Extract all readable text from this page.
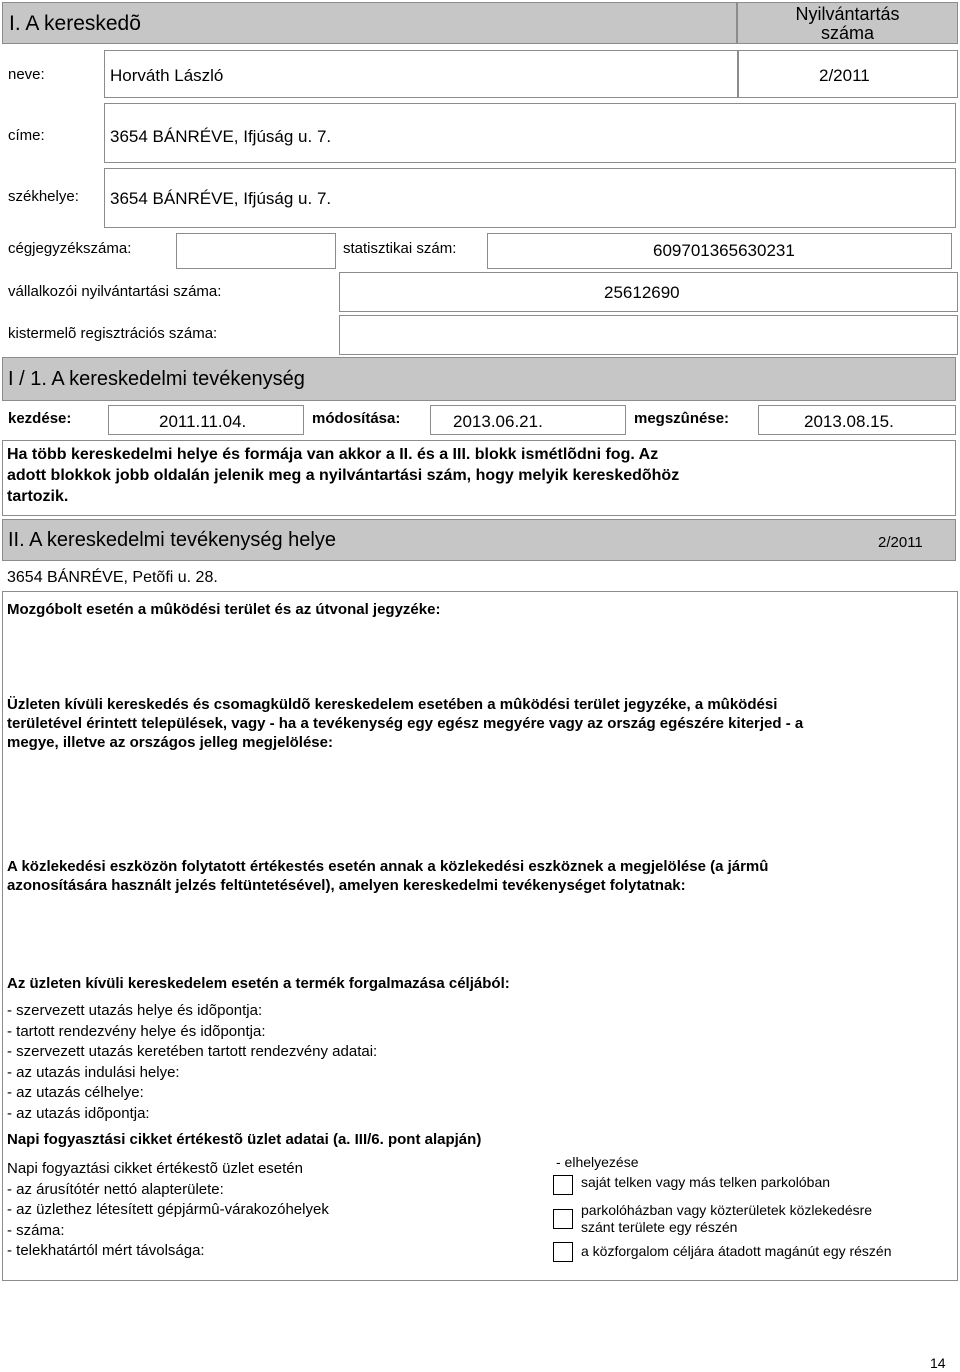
I. A kereskedõ	Nyilvántartás
száma
neve:	Horváth László	2/2011
címe:	3654 BÁNRÉVE, Ifjúság u. 7.
székhelye: 3654 BÁNRÉVE, Ifjúság u. 7.
cégjegyzékszáma:	statisztikai szám:	609701365630231
vállalkozói nyilvántartási száma:	25612690
kistermelõ regisztrációs száma:
I / 1. A kereskedelmi tevékenység
kezdése:	2011.11.04.	módosítása:	2013.06.21.	megszûnése:	2013.08.15.
Ha több kereskedelmi helye és formája van akkor a II. és a III. blokk ismétlõdni fog. Az
adott blokkok jobb oldalán jelenik meg a nyilvántartási szám, hogy melyik kereskedõhöz
tartozik.
II. A kereskedelmi tevékenység helye	2/2011
3654 BÁNRÉVE, Petõfi u. 28.
Mozgóbolt esetén a mûködési terület és az útvonal jegyzéke:
Üzleten kívüli kereskedés és csomagküldõ kereskedelem esetében a mûködési terület jegyzéke, a mûködési
területével érintett települések, vagy - ha a tevékenység egy egész megyére vagy az ország egészére kiterjed - a
megye, illetve az országos jelleg megjelölése:
A közlekedési eszközön folytatott értékestés esetén annak a közlekedési eszköznek a megjelölése (a jármû
azonosítására használt jelzés feltüntetésével), amelyen kereskedelmi tevékenységet folytatnak:
Az üzleten kívüli kereskedelem esetén a termék forgalmazása céljából:
- szervezett utazás helye és idõpontja:
- tartott rendezvény helye és idõpontja:
- szervezett utazás keretében tartott rendezvény adatai:
- az utazás indulási helye:
- az utazás célhelye:
- az utazás idõpontja:
Napi fogyasztási cikket értékestõ üzlet adatai (a. III/6. pont alapján)
Napi fogyaztási cikket értékestõ üzlet esetén
- az árusítótér nettó alapterülete:
- az üzlethez létesített gépjármû-várakozóhelyek
- száma:
- telekhatártól mért távolsága:
- elhelyezése
saját telken vagy más telken parkolóban
parkolóházban vagy közterületek közlekedésre
szánt területe egy részén
a közforgalom céljára átadott magánút egy részén
14
